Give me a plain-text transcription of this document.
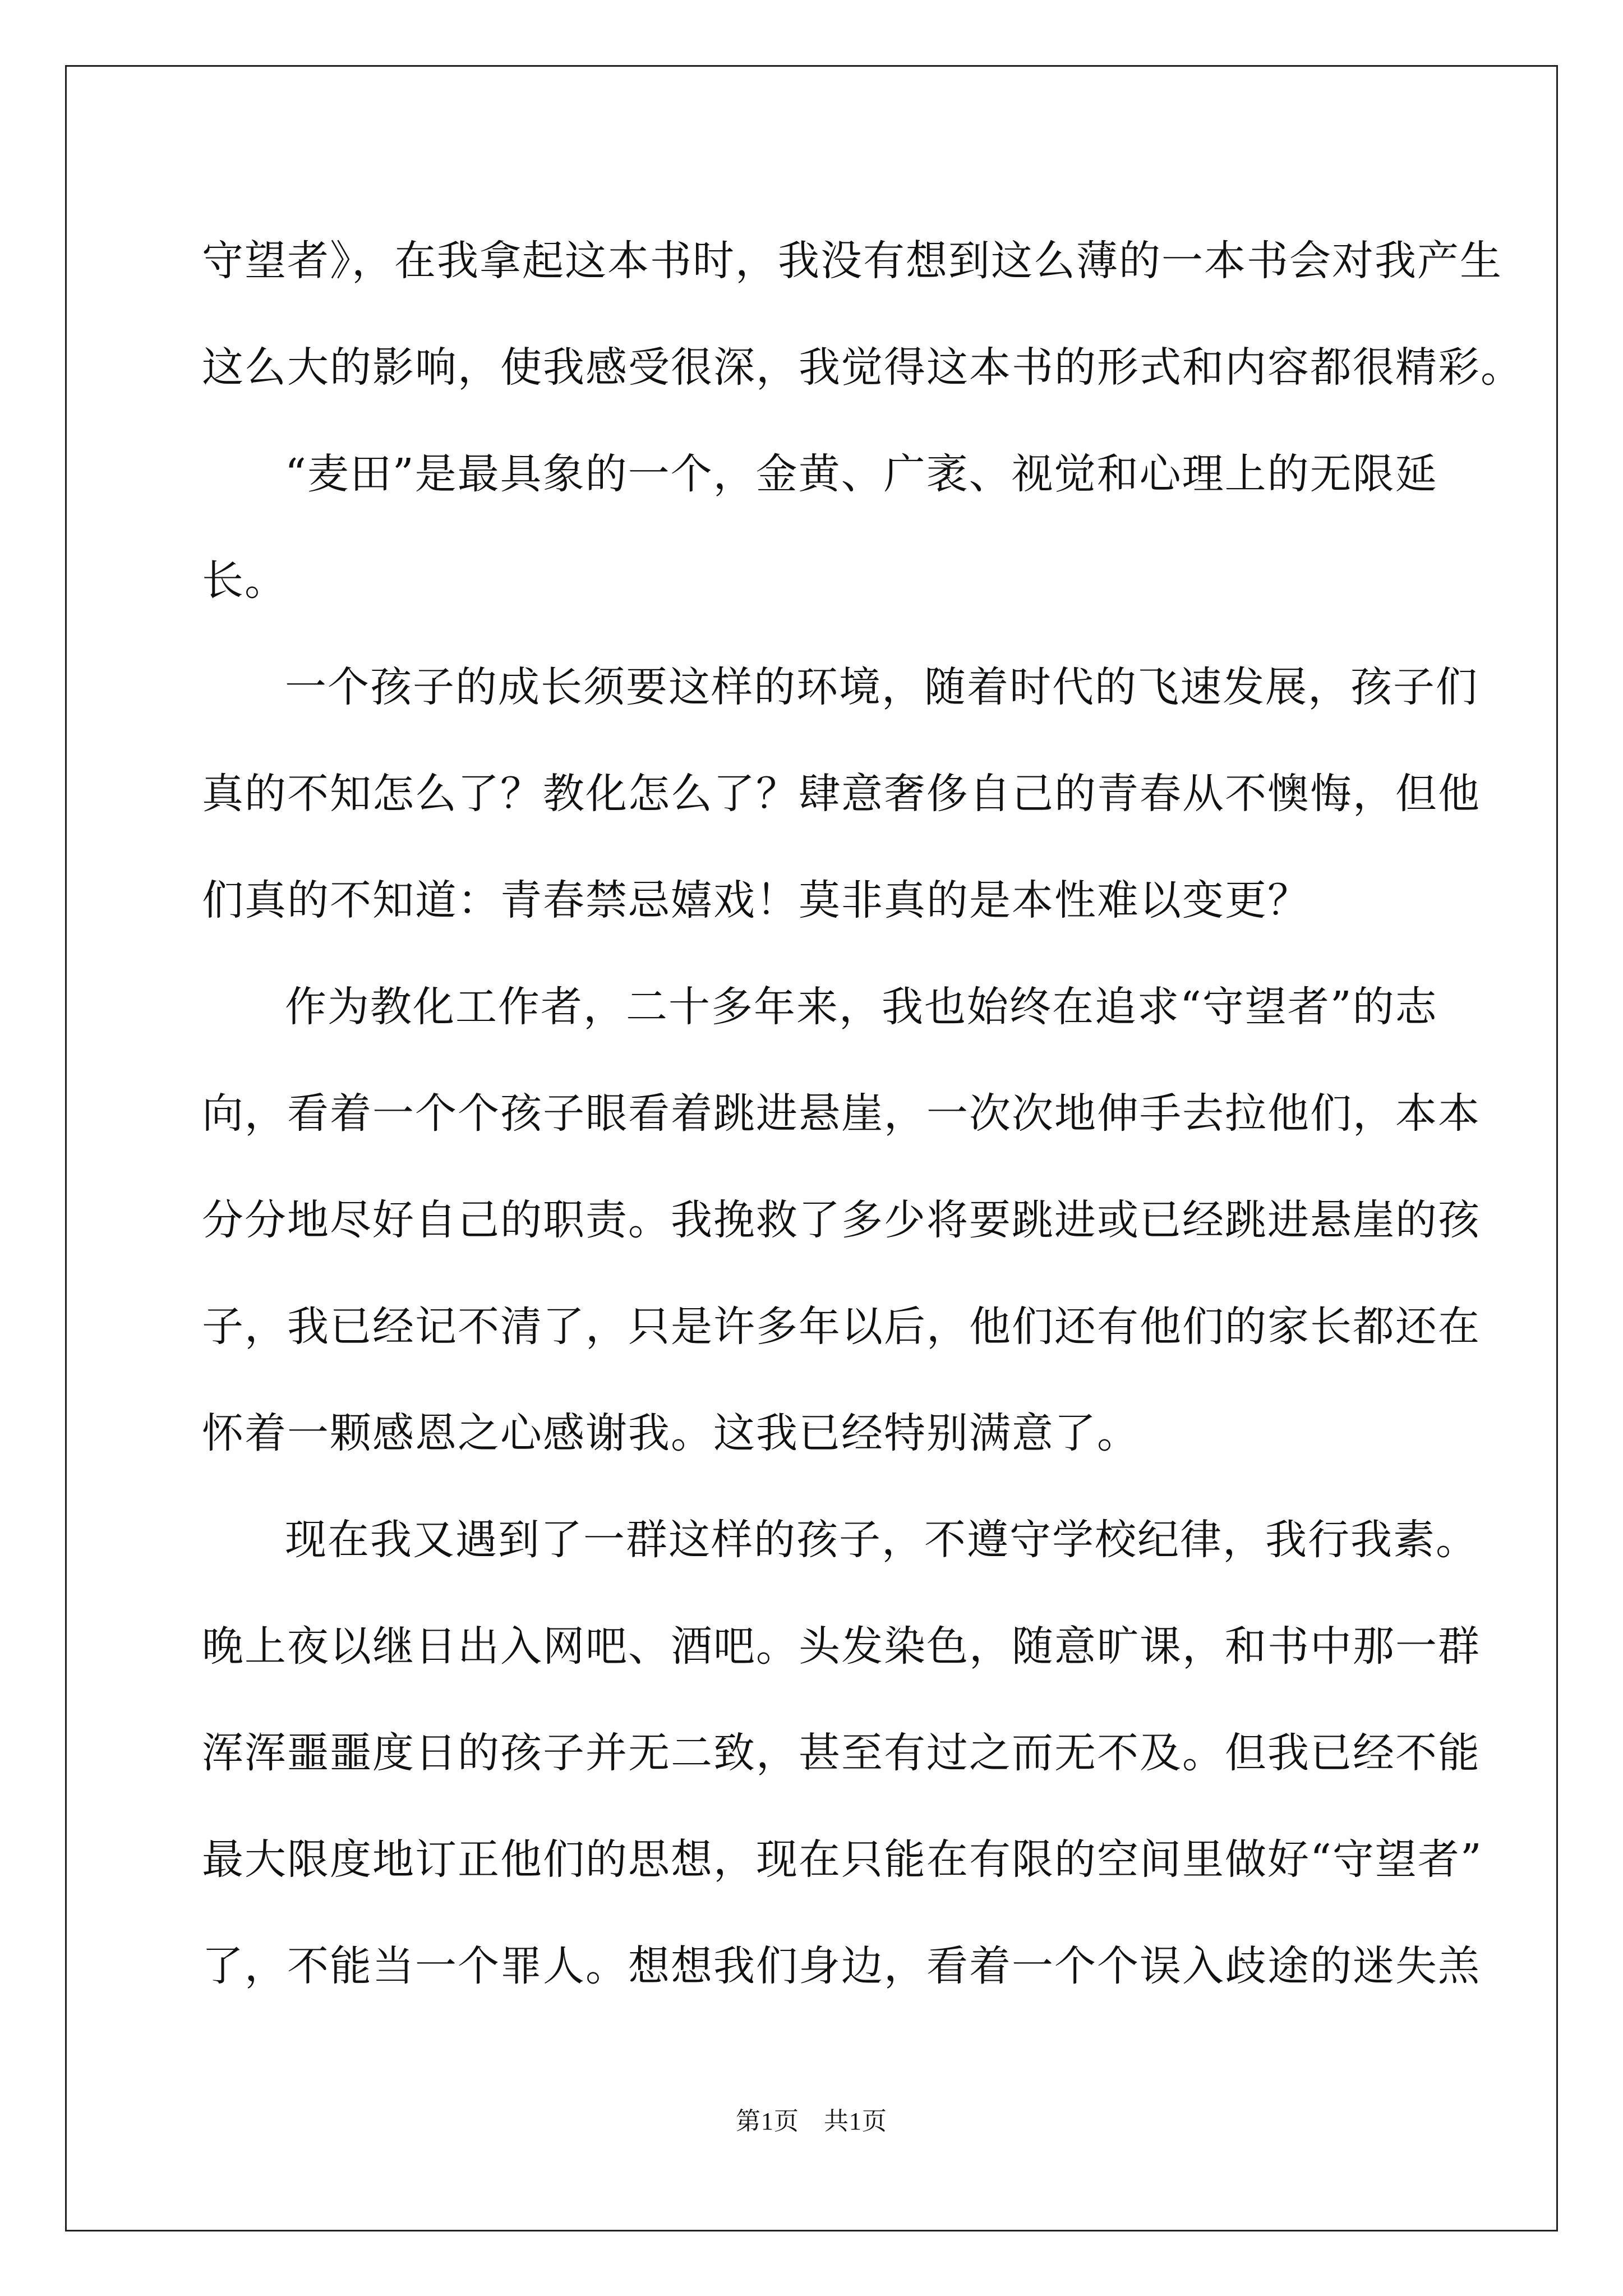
守望者》，在我拿起这本书时，我没有想到这么薄的一本书会对我产生

这么大的影响，使我感受很深，我觉得这本书的形式和内容都很精彩。

“麦田”是最具象的一个，金黄、广袤、视觉和心理上的无限延

长。

一个孩子的成长须要这样的环境，随着时代的飞速发展，孩子们

真的不知怎么了？教化怎么了？肆意奢侈自己的青春从不懊悔，但他

们真的不知道：青春禁忌嬉戏！莫非真的是本性难以变更？

作为教化工作者，二十多年来，我也始终在追求“守望者”的志

向，看着一个个孩子眼看着跳进悬崖，一次次地伸手去拉他们，本本

分分地尽好自己的职责。我挽救了多少将要跳进或已经跳进悬崖的孩

子，我已经记不清了，只是许多年以后，他们还有他们的家长都还在

怀着一颗感恩之心感谢我。这我已经特别满意了。

现在我又遇到了一群这样的孩子，不遵守学校纪律，我行我素。

晚上夜以继日出入网吧、酒吧。头发染色，随意旷课，和书中那一群

浑浑噩噩度日的孩子并无二致，甚至有过之而无不及。但我已经不能

最大限度地订正他们的思想，现在只能在有限的空间里做好“守望者”

了，不能当一个罪人。想想我们身边，看着一个个误入歧途的迷失羔

第1页 共1页
